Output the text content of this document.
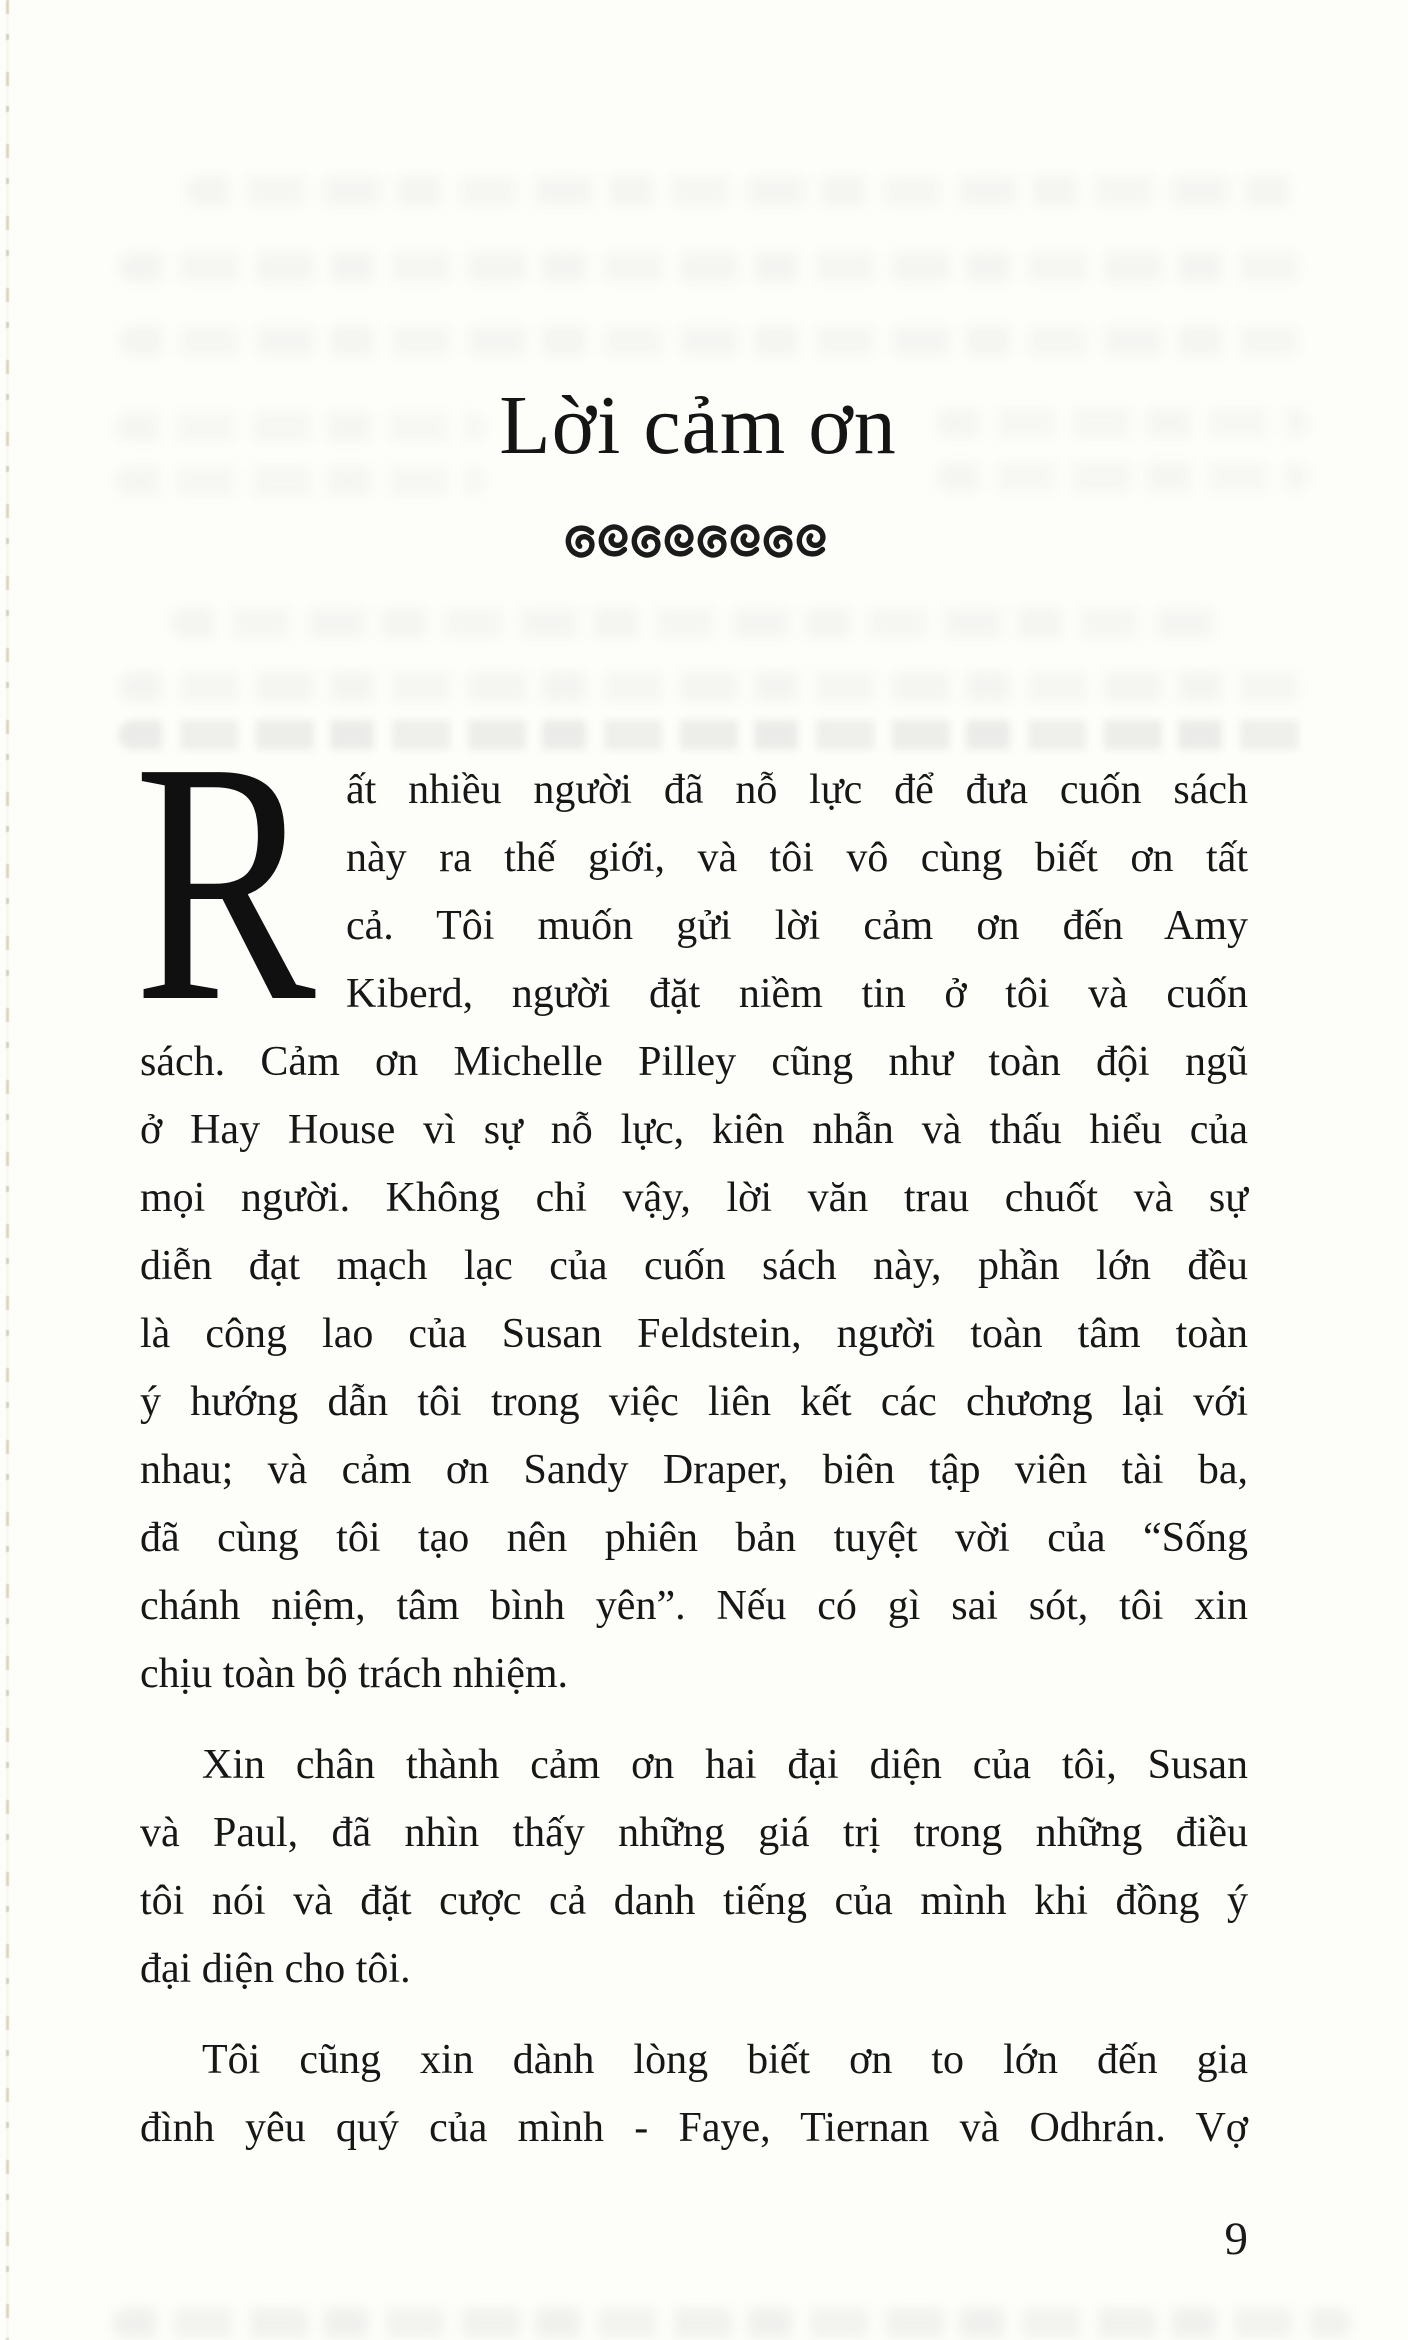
Lời cảm ơn
R ất nhiều người đã nỗ lực để đưa cuốn sách
này ra thế giới, và tôi vô cùng biết ơn tất
cả. Tôi muốn gửi lời cảm ơn đến Amy
Kiberd, người đặt niềm tin ở tôi và cuốn
sách. Cảm ơn Michelle Pilley cũng như toàn đội ngũ
ở Hay House vì sự nỗ lực, kiên nhẫn và thấu hiểu của
mọi người. Không chỉ vậy, lời văn trau chuốt và sự
diễn đạt mạch lạc của cuốn sách này, phần lớn đều
là công lao của Susan Feldstein, người toàn tâm toàn
ý hướng dẫn tôi trong việc liên kết các chương lại với
nhau; và cảm ơn Sandy Draper, biên tập viên tài ba,
đã cùng tôi tạo nên phiên bản tuyệt vời của “Sống
chánh niệm, tâm bình yên”. Nếu có gì sai sót, tôi xin
chịu toàn bộ trách nhiệm.
Xin chân thành cảm ơn hai đại diện của tôi, Susan
và Paul, đã nhìn thấy những giá trị trong những điều
tôi nói và đặt cược cả danh tiếng của mình khi đồng ý
đại diện cho tôi.
Tôi cũng xin dành lòng biết ơn to lớn đến gia
đình yêu quý của mình - Faye, Tiernan và Odhrán. Vợ
9
